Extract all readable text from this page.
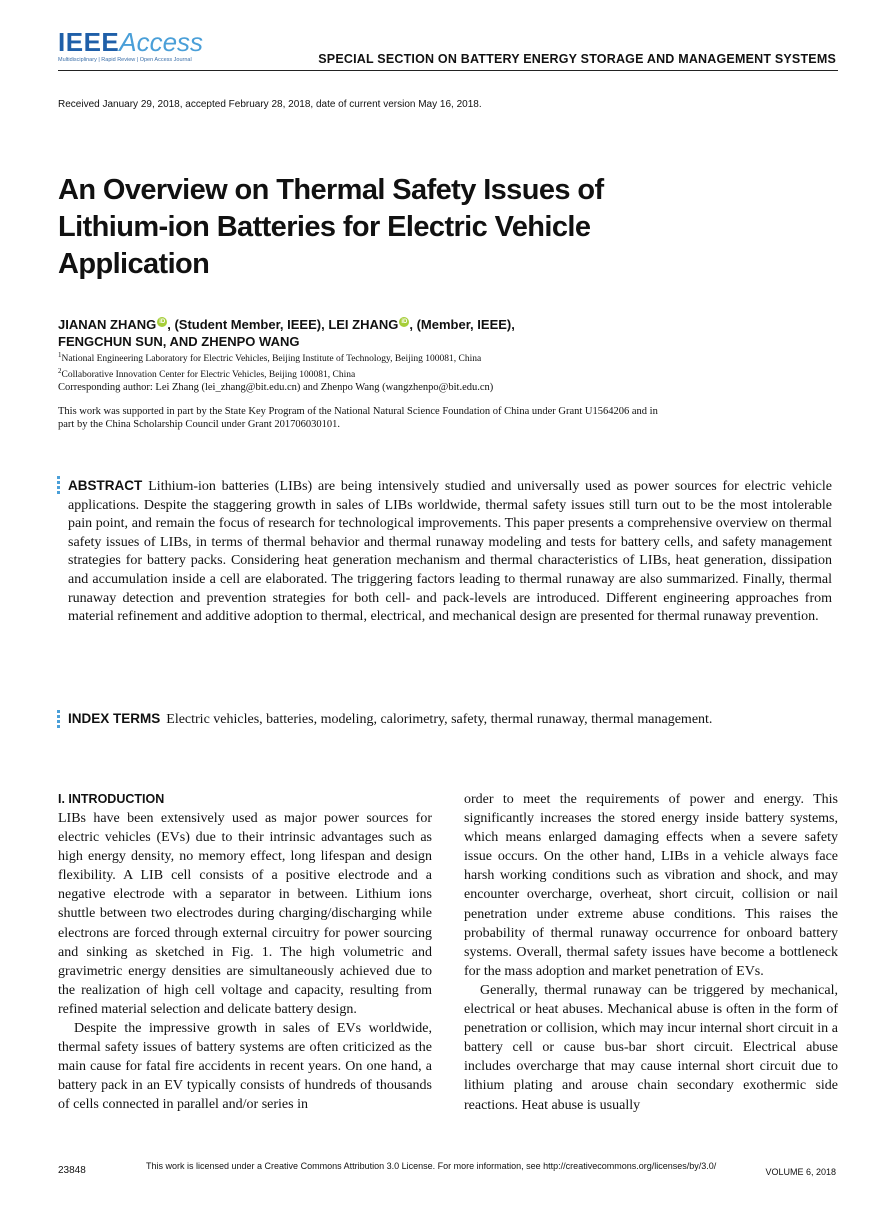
IEEEAccess
Multidisciplinary | Rapid Review | Open Access Journal	SPECIAL SECTION ON BATTERY ENERGY STORAGE AND MANAGEMENT SYSTEMS
Received January 29, 2018, accepted February 28, 2018, date of current version May 16, 2018.
An Overview on Thermal Safety Issues of Lithium-ion Batteries for Electric Vehicle Application
JIANAN ZHANG iD , (Student Member, IEEE), LEI ZHANG iD , (Member, IEEE),
FENGCHUN SUN, AND ZHENPO WANG
$^1$National Engineering Laboratory for Electric Vehicles, Beijing Institute of Technology, Beijing 100081, China
$^2$Collaborative Innovation Center for Electric Vehicles, Beijing 100081, China
Corresponding author: Lei Zhang (lei_zhang@bit.edu.cn) and Zhenpo Wang (wangzhenpo@bit.edu.cn)
This work was supported in part by the State Key Program of the National Natural Science Foundation of China under Grant U1564206 and in part by the China Scholarship Council under Grant 201706030101.
ABSTRACT Lithium-ion batteries (LIBs) are being intensively studied and universally used as power sources for electric vehicle applications. Despite the staggering growth in sales of LIBs worldwide, thermal safety issues still turn out to be the most intolerable pain point, and remain the focus of research for technological improvements. This paper presents a comprehensive overview on thermal safety issues of LIBs, in terms of thermal behavior and thermal runaway modeling and tests for battery cells, and safety management strategies for battery packs. Considering heat generation mechanism and thermal characteristics of LIBs, heat generation, dissipation and accumulation inside a cell are elaborated. The triggering factors leading to thermal runaway are also summarized. Finally, thermal runaway detection and prevention strategies for both cell- and pack-levels are introduced. Different engineering approaches from material refinement and additive adoption to thermal, electrical, and mechanical design are presented for thermal runaway prevention.
INDEX TERMS Electric vehicles, batteries, modeling, calorimetry, safety, thermal runaway, thermal management.
I. INTRODUCTION

LIBs have been extensively used as major power sources for electric vehicles (EVs) due to their intrinsic advantages such as high energy density, no memory effect, long lifespan and design flexibility. A LIB cell consists of a positive electrode and a negative electrode with a separator in between. Lithium ions shuttle between two electrodes during charging/discharging while electrons are forced through external circuitry for power sourcing and sinking as sketched in Fig. 1. The high volumetric and gravimetric energy densities are simultaneously achieved due to the realization of high cell voltage and capacity, resulting from refined material selection and delicate battery design.

Despite the impressive growth in sales of EVs worldwide, thermal safety issues of battery systems are often criticized as the main cause for fatal fire accidents in recent years. On one hand, a battery pack in an EV typically consists of hundreds of thousands of cells connected in parallel and/or series in

order to meet the requirements of power and energy. This significantly increases the stored energy inside battery systems, which means enlarged damaging effects when a severe safety issue occurs. On the other hand, LIBs in a vehicle always face harsh working conditions such as vibration and shock, and may encounter overcharge, overheat, short circuit, collision or nail penetration under extreme abuse conditions. This raises the probability of thermal runaway occurrence for onboard battery systems. Overall, thermal safety issues have become a bottleneck for the mass adoption and market penetration of EVs.

Generally, thermal runaway can be triggered by mechanical, electrical or heat abuses. Mechanical abuse is often in the form of penetration or collision, which may incur internal short circuit in a battery cell or cause bus-bar short circuit. Electrical abuse includes overcharge that may cause internal short circuit due to lithium plating and arouse chain secondary exothermic side reactions. Heat abuse is usually

23848	This work is licensed under a Creative Commons Attribution 3.0 License. For more information, see http://creativecommons.org/licenses/by/3.0/
VOLUME 6, 2018
